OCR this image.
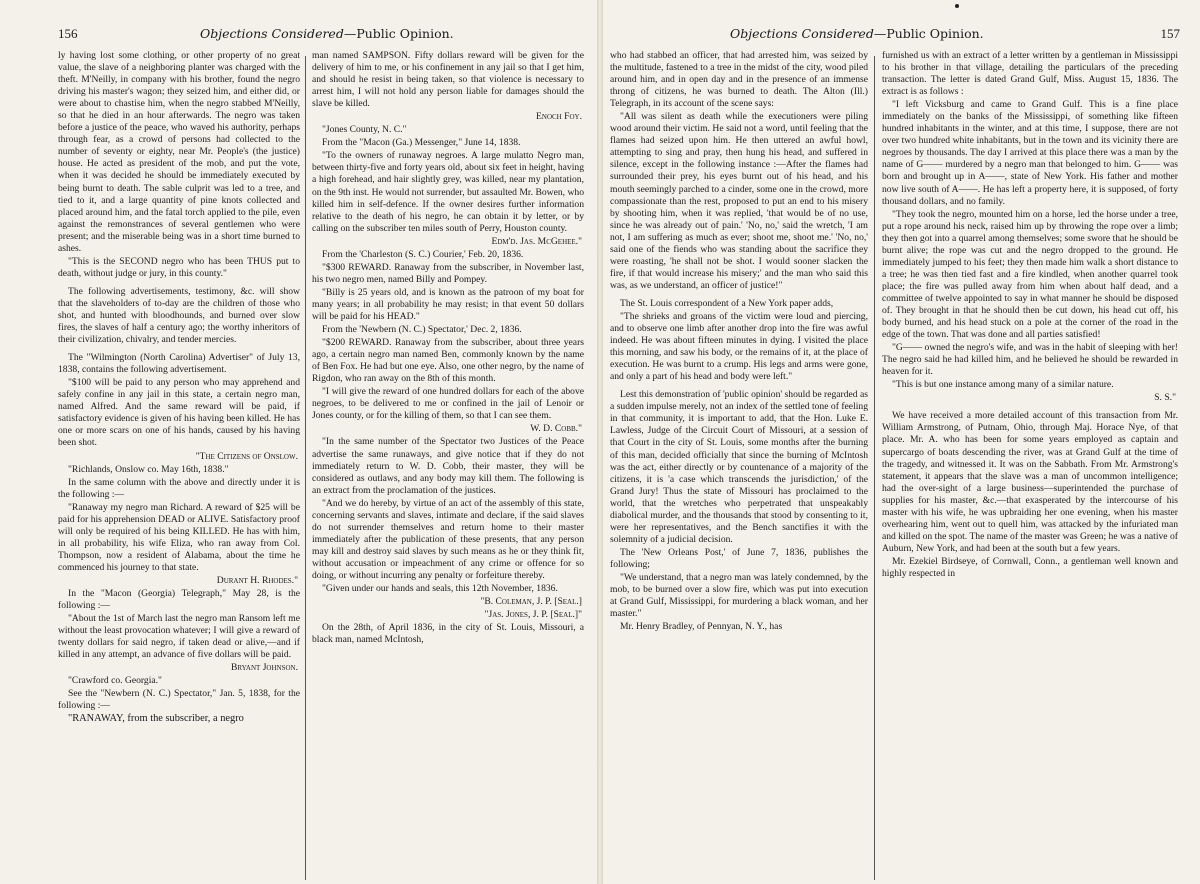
156	Objections Considered—Public Opinion.

ly having lost some clothing, or other property of no great value, the slave of a neighboring planter was charged with the theft. M'Neilly, in company with his brother, found the negro driving his master's wagon; they seized him, and either did, or were about to chastise him, when the negro stabbed M'Neilly, so that he died in an hour afterwards. The negro was taken before a justice of the peace, who waved his authority, perhaps through fear, as a crowd of persons had collected to the number of seventy or eighty, near Mr. People's (the justice) house. He acted as president of the mob, and put the vote, when it was decided he should be immediately executed by being burnt to death. The sable culprit was led to a tree, and tied to it, and a large quantity of pine knots collected and placed around him, and the fatal torch applied to the pile, even against the remonstrances of several gentlemen who were present; and the miserable being was in a short time burned to ashes.

"This is the SECOND negro who has been THUS put to death, without judge or jury, in this county."

The following advertisements, testimony, &c. will show that the slaveholders of to-day are the children of those who shot, and hunted with bloodhounds, and burned over slow fires, the slaves of half a century ago; the worthy inheritors of their civilization, chivalry, and tender mercies.

The "Wilmington (North Carolina) Advertiser" of July 13, 1838, contains the following advertisement.

"$100 will be paid to any person who may apprehend and safely confine in any jail in this state, a certain negro man, named Alfred. And the same reward will be paid, if satisfactory evidence is given of his having been killed. He has one or more scars on one of his hands, caused by his having been shot.

"The Citizens of Onslow.

"Richlands, Onslow co. May 16th, 1838."

In the same column with the above and directly under it is the following :—

"Ranaway my negro man Richard. A reward of $25 will be paid for his apprehension DEAD or ALIVE. Satisfactory proof will only be required of his being KILLED. He has with him, in all probability, his wife Eliza, who ran away from Col. Thompson, now a resident of Alabama, about the time he commenced his journey to that state.

Durant H. Rhodes."

In the "Macon (Georgia) Telegraph," May 28, is the following :—

"About the 1st of March last the negro man Ransom left me without the least provocation whatever; I will give a reward of twenty dollars for said negro, if taken dead or alive,—and if killed in any attempt, an advance of five dollars will be paid.

Bryant Johnson.

"Crawford co. Georgia."

See the "Newbern (N. C.) Spectator," Jan. 5, 1838, for the following :—

"RANAWAY, from the subscriber, a negro

man named SAMPSON. Fifty dollars reward will be given for the delivery of him to me, or his confinement in any jail so that I get him, and should he resist in being taken, so that violence is necessary to arrest him, I will not hold any person liable for damages should the slave be killed.

Enoch Foy.

"Jones County, N. C."

From the "Macon (Ga.) Messenger," June 14, 1838.

"To the owners of runaway negroes. A large mulatto Negro man, between thirty-five and forty years old, about six feet in height, having a high forehead, and hair slightly grey, was killed, near my plantation, on the 9th inst. He would not surrender, but assaulted Mr. Bowen, who killed him in self-defence. If the owner desires further information relative to the death of his negro, he can obtain it by letter, or by calling on the subscriber ten miles south of Perry, Houston county.

Edm'd. Jas. McGehee."

From the 'Charleston (S. C.) Courier,' Feb. 20, 1836.

"$300 REWARD. Ranaway from the subscriber, in November last, his two negro men, named Billy and Pompey.

"Billy is 25 years old, and is known as the patroon of my boat for many years; in all probability he may resist; in that event 50 dollars will be paid for his HEAD."

From the 'Newbern (N. C.) Spectator,' Dec. 2, 1836.

"$200 REWARD. Ranaway from the subscriber, about three years ago, a certain negro man named Ben, commonly known by the name of Ben Fox. He had but one eye. Also, one other negro, by the name of Rigdon, who ran away on the 8th of this month.

"I will give the reward of one hundred dollars for each of the above negroes, to be delivered to me or confined in the jail of Lenoir or Jones county, or for the killing of them, so that I can see them.

W. D. Cobb."

"In the same number of the Spectator two Justices of the Peace advertise the same runaways, and give notice that if they do not immediately return to W. D. Cobb, their master, they will be considered as outlaws, and any body may kill them. The following is an extract from the proclamation of the justices.

"And we do hereby, by virtue of an act of the assembly of this state, concerning servants and slaves, intimate and declare, if the said slaves do not surrender themselves and return home to their master immediately after the publication of these presents, that any person may kill and destroy said slaves by such means as he or they think fit, without accusation or impeachment of any crime or offence for so doing, or without incurring any penalty or forfeiture thereby.

"Given under our hands and seals, this 12th November, 1836.

"B. Coleman, J. P. [Seal.]

"Jas. Jones, J. P. [Seal.]"

On the 28th, of April 1836, in the city of St. Louis, Missouri, a black man, named McIntosh,

Objections Considered—Public Opinion.	157

who had stabbed an officer, that had arrested him, was seized by the multitude, fastened to a tree in the midst of the city, wood piled around him, and in open day and in the presence of an immense throng of citizens, he was burned to death. The Alton (Ill.) Telegraph, in its account of the scene says:

"All was silent as death while the executioners were piling wood around their victim. He said not a word, until feeling that the flames had seized upon him. He then uttered an awful howl, attempting to sing and pray, then hung his head, and suffered in silence, except in the following instance :—After the flames had surrounded their prey, his eyes burnt out of his head, and his mouth seemingly parched to a cinder, some one in the crowd, more compassionate than the rest, proposed to put an end to his misery by shooting him, when it was replied, 'that would be of no use, since he was already out of pain.' 'No, no,' said the wretch, 'I am not, I am suffering as much as ever; shoot me, shoot me.' 'No, no,' said one of the fiends who was standing about the sacrifice they were roasting, 'he shall not be shot. I would sooner slacken the fire, if that would increase his misery;' and the man who said this was, as we understand, an officer of justice!"

The St. Louis correspondent of a New York paper adds,

"The shrieks and groans of the victim were loud and piercing, and to observe one limb after another drop into the fire was awful indeed. He was about fifteen minutes in dying. I visited the place this morning, and saw his body, or the remains of it, at the place of execution. He was burnt to a crump. His legs and arms were gone, and only a part of his head and body were left."

Lest this demonstration of 'public opinion' should be regarded as a sudden impulse merely, not an index of the settled tone of feeling in that community, it is important to add, that the Hon. Luke E. Lawless, Judge of the Circuit Court of Missouri, at a session of that Court in the city of St. Louis, some months after the burning of this man, decided officially that since the burning of McIntosh was the act, either directly or by countenance of a majority of the citizens, it is 'a case which transcends the jurisdiction,' of the Grand Jury! Thus the state of Missouri has proclaimed to the world, that the wretches who perpetrated that unspeakably diabolical murder, and the thousands that stood by consenting to it, were her representatives, and the Bench sanctifies it with the solemnity of a judicial decision.

The 'New Orleans Post,' of June 7, 1836, publishes the following;

"We understand, that a negro man was lately condemned, by the mob, to be burned over a slow fire, which was put into execution at Grand Gulf, Mississippi, for murdering a black woman, and her master."

Mr. Henry Bradley, of Pennyan, N. Y., has

furnished us with an extract of a letter written by a gentleman in Mississippi to his brother in that village, detailing the particulars of the preceding transaction. The letter is dated Grand Gulf, Miss. August 15, 1836. The extract is as follows :

"I left Vicksburg and came to Grand Gulf. This is a fine place immediately on the banks of the Mississippi, of something like fifteen hundred inhabitants in the winter, and at this time, I suppose, there are not over two hundred white inhabitants, but in the town and its vicinity there are negroes by thousands. The day I arrived at this place there was a man by the name of G—— murdered by a negro man that belonged to him. G—— was born and brought up in A——, state of New York. His father and mother now live south of A——. He has left a property here, it is supposed, of forty thousand dollars, and no family.

"They took the negro, mounted him on a horse, led the horse under a tree, put a rope around his neck, raised him up by throwing the rope over a limb; they then got into a quarrel among themselves; some swore that he should be burnt alive; the rope was cut and the negro dropped to the ground. He immediately jumped to his feet; they then made him walk a short distance to a tree; he was then tied fast and a fire kindled, when another quarrel took place; the fire was pulled away from him when about half dead, and a committee of twelve appointed to say in what manner he should be disposed of. They brought in that he should then be cut down, his head cut off, his body burned, and his head stuck on a pole at the corner of the road in the edge of the town. That was done and all parties satisfied!

"G—— owned the negro's wife, and was in the habit of sleeping with her! The negro said he had killed him, and he believed he should be rewarded in heaven for it.

"This is but one instance among many of a similar nature.

S. S."

We have received a more detailed account of this transaction from Mr. William Armstrong, of Putnam, Ohio, through Maj. Horace Nye, of that place. Mr. A. who has been for some years employed as captain and supercargo of boats descending the river, was at Grand Gulf at the time of the tragedy, and witnessed it. It was on the Sabbath. From Mr. Armstrong's statement, it appears that the slave was a man of uncommon intelligence; had the over-sight of a large business—superintended the purchase of supplies for his master, &c.—that exasperated by the intercourse of his master with his wife, he was upbraiding her one evening, when his master overhearing him, went out to quell him, was attacked by the infuriated man and killed on the spot. The name of the master was Green; he was a native of Auburn, New York, and had been at the south but a few years.

Mr. Ezekiel Birdseye, of Cornwall, Conn., a gentleman well known and highly respected in
